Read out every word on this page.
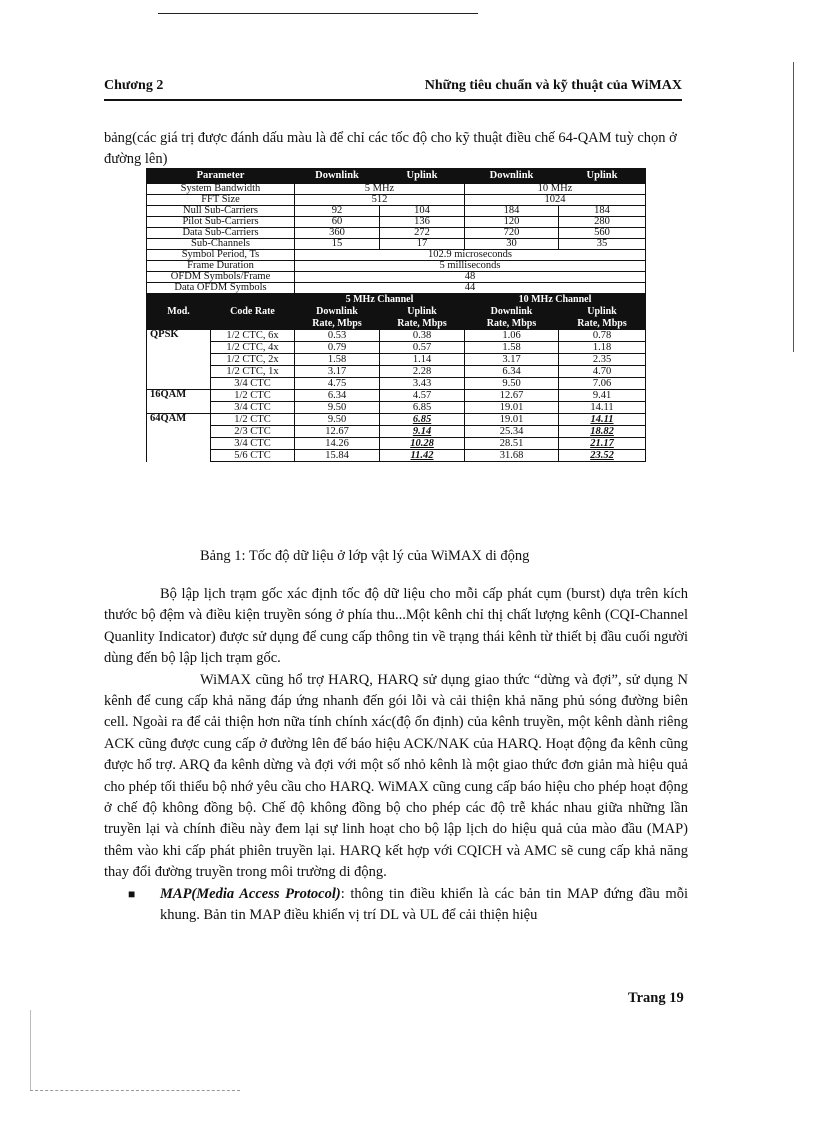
Chương 2	Những tiêu chuẩn và kỹ thuật của WiMAX
bảng(các giá trị được đánh dấu màu là để chỉ các tốc độ cho kỹ thuật điều chế 64-QAM tuỳ chọn ở đường lên)
Parameter		Downlink	Uplink	Downlink	Uplink
System Bandwidth		5 MHz		10 MHz	
FFT Size		512		1024	
Null Sub-Carriers		92	104	184	184
Pilot Sub-Carriers		60	136	120	280
Data Sub-Carriers		360	272	720	560
Sub-Channels		15	17	30	35
Symbol Period, Ts		102.9 microseconds			
Frame Duration		5 milliseconds			
OFDM Symbols/Frame		48			
Data OFDM Symbols		44			
Mod.	Code Rate	5 MHz Channel		10 MHz Channel	
		Downlink	Uplink	Downlink	Uplink
		Rate, Mbps	Rate, Mbps	Rate, Mbps	Rate, Mbps
QPSK	1/2 CTC, 6x	0.53	0.38	1.06	0.78
	1/2 CTC, 4x	0.79	0.57	1.58	1.18
	1/2 CTC, 2x	1.58	1.14	3.17	2.35
	1/2 CTC, 1x	3.17	2.28	6.34	4.70
	3/4 CTC	4.75	3.43	9.50	7.06
16QAM	1/2 CTC	6.34	4.57	12.67	9.41
	3/4 CTC	9.50	6.85	19.01	14.11
64QAM	1/2 CTC	9.50	6.85	19.01	14.11
	2/3 CTC	12.67	9.14	25.34	18.82
	3/4 CTC	14.26	10.28	28.51	21.17
	5/6 CTC	15.84	11.42	31.68	23.52
Bảng 1: Tốc độ dữ liệu ở lớp vật lý của WiMAX di động

Bộ lập lịch trạm gốc xác định tốc độ dữ liệu cho mỗi cấp phát cụm (burst) dựa trên kích thước bộ đệm và điều kiện truyền sóng ở phía thu...Một kênh chỉ thị chất lượng kênh (CQI-Channel Quanlity Indicator) được sử dụng để cung cấp thông tin về trạng thái kênh từ thiết bị đầu cuối người dùng đến bộ lập lịch trạm gốc.

WiMAX cũng hổ trợ HARQ, HARQ sử dụng giao thức “dừng và đợi”, sử dụng N kênh để cung cấp khả năng đáp ứng nhanh đến gói lỗi và cải thiện khả năng phủ sóng đường biên cell. Ngoài ra để cải thiện hơn nữa tính chính xác(độ ổn định) của kênh truyền, một kênh dành riêng ACK cũng được cung cấp ở đường lên để báo hiệu ACK/NAK của HARQ. Hoạt động đa kênh cũng được hổ trợ. ARQ đa kênh dừng và đợi với một số nhỏ kênh là một giao thức đơn giản mà hiệu quả cho phép tối thiểu bộ nhớ yêu cầu cho HARQ. WiMAX cũng cung cấp báo hiệu cho phép hoạt động ở chế độ không đồng bộ. Chế độ không đồng bộ cho phép các độ trễ khác nhau giữa những lần truyền lại và chính điều này đem lại sự linh hoạt cho bộ lập lịch do hiệu quả của mào đầu (MAP) thêm vào khi cấp phát phiên truyền lại. HARQ kết hợp với CQICH và AMC sẽ cung cấp khả năng thay đổi đường truyền trong môi trường di động.

■ MAP(Media Access Protocol): thông tin điều khiển là các bản tin MAP đứng đầu mỗi khung. Bản tin MAP điều khiển vị trí DL và UL để cải thiện hiệu

Trang 19
